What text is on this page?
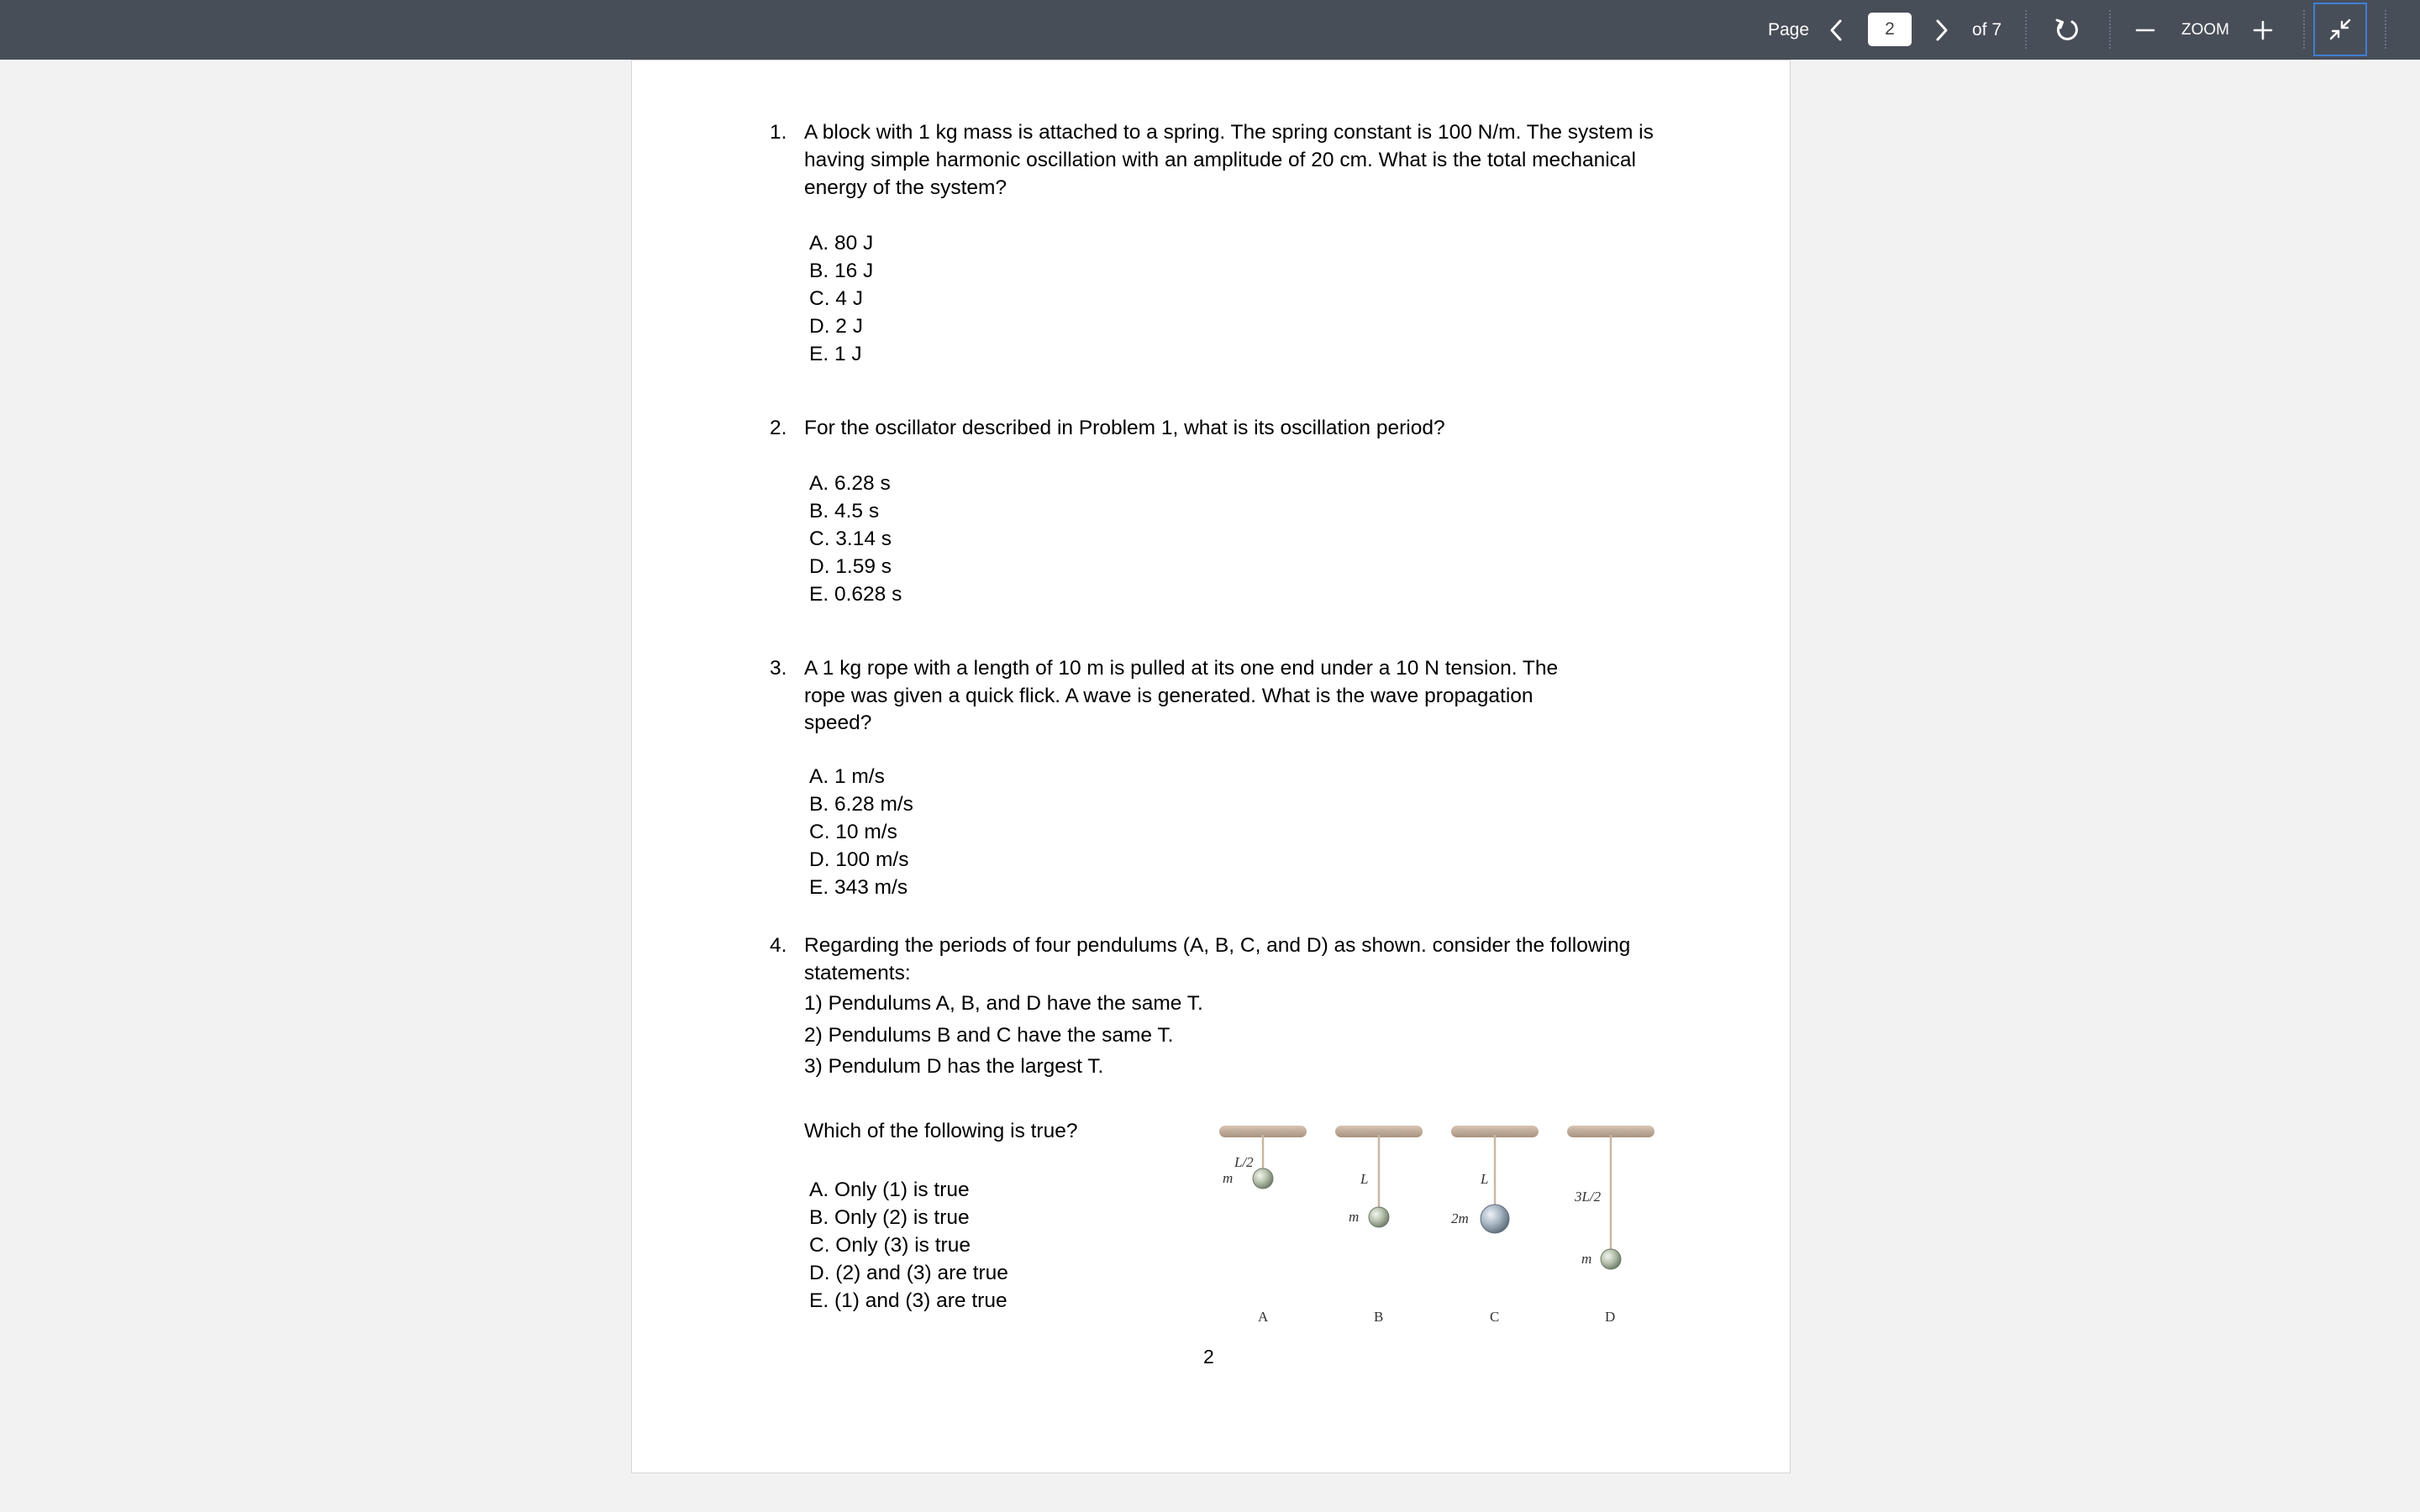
Page
2	of 7	ZOOM
1. A block with 1 kg mass is attached to a spring. The spring constant is 100 N/m. The system is
having simple harmonic oscillation with an amplitude of 20 cm. What is the total mechanical
energy of the system?
A. 80 J
B. 16 J
C. 4 J
D. 2 J
E. 1 J
2. For the oscillator described in Problem 1, what is its oscillation period?
A. 6.28 s
B. 4.5 s
C. 3.14 s
D. 1.59 s
E. 0.628 s
3. A 1 kg rope with a length of 10 m is pulled at its one end under a 10 N tension. The
rope was given a quick flick. A wave is generated. What is the wave propagation
speed?
A. 1 m/s
B. 6.28 m/s
C. 10 m/s
D. 100 m/s
E. 343 m/s
4. Regarding the periods of four pendulums (A, B, C, and D) as shown. consider the following
statements:
1) Pendulums A, B, and D have the same T.
2) Pendulums B and C have the same T.
3) Pendulum D has the largest T.
Which of the following is true?
A. Only (1) is true
B. Only (2) is true
C. Only (3) is true
D. (2) and (3) are true
E. (1) and (3) are true
L/2
m
A
L
m
B
L
2m
C
3L/2
m
D
2
